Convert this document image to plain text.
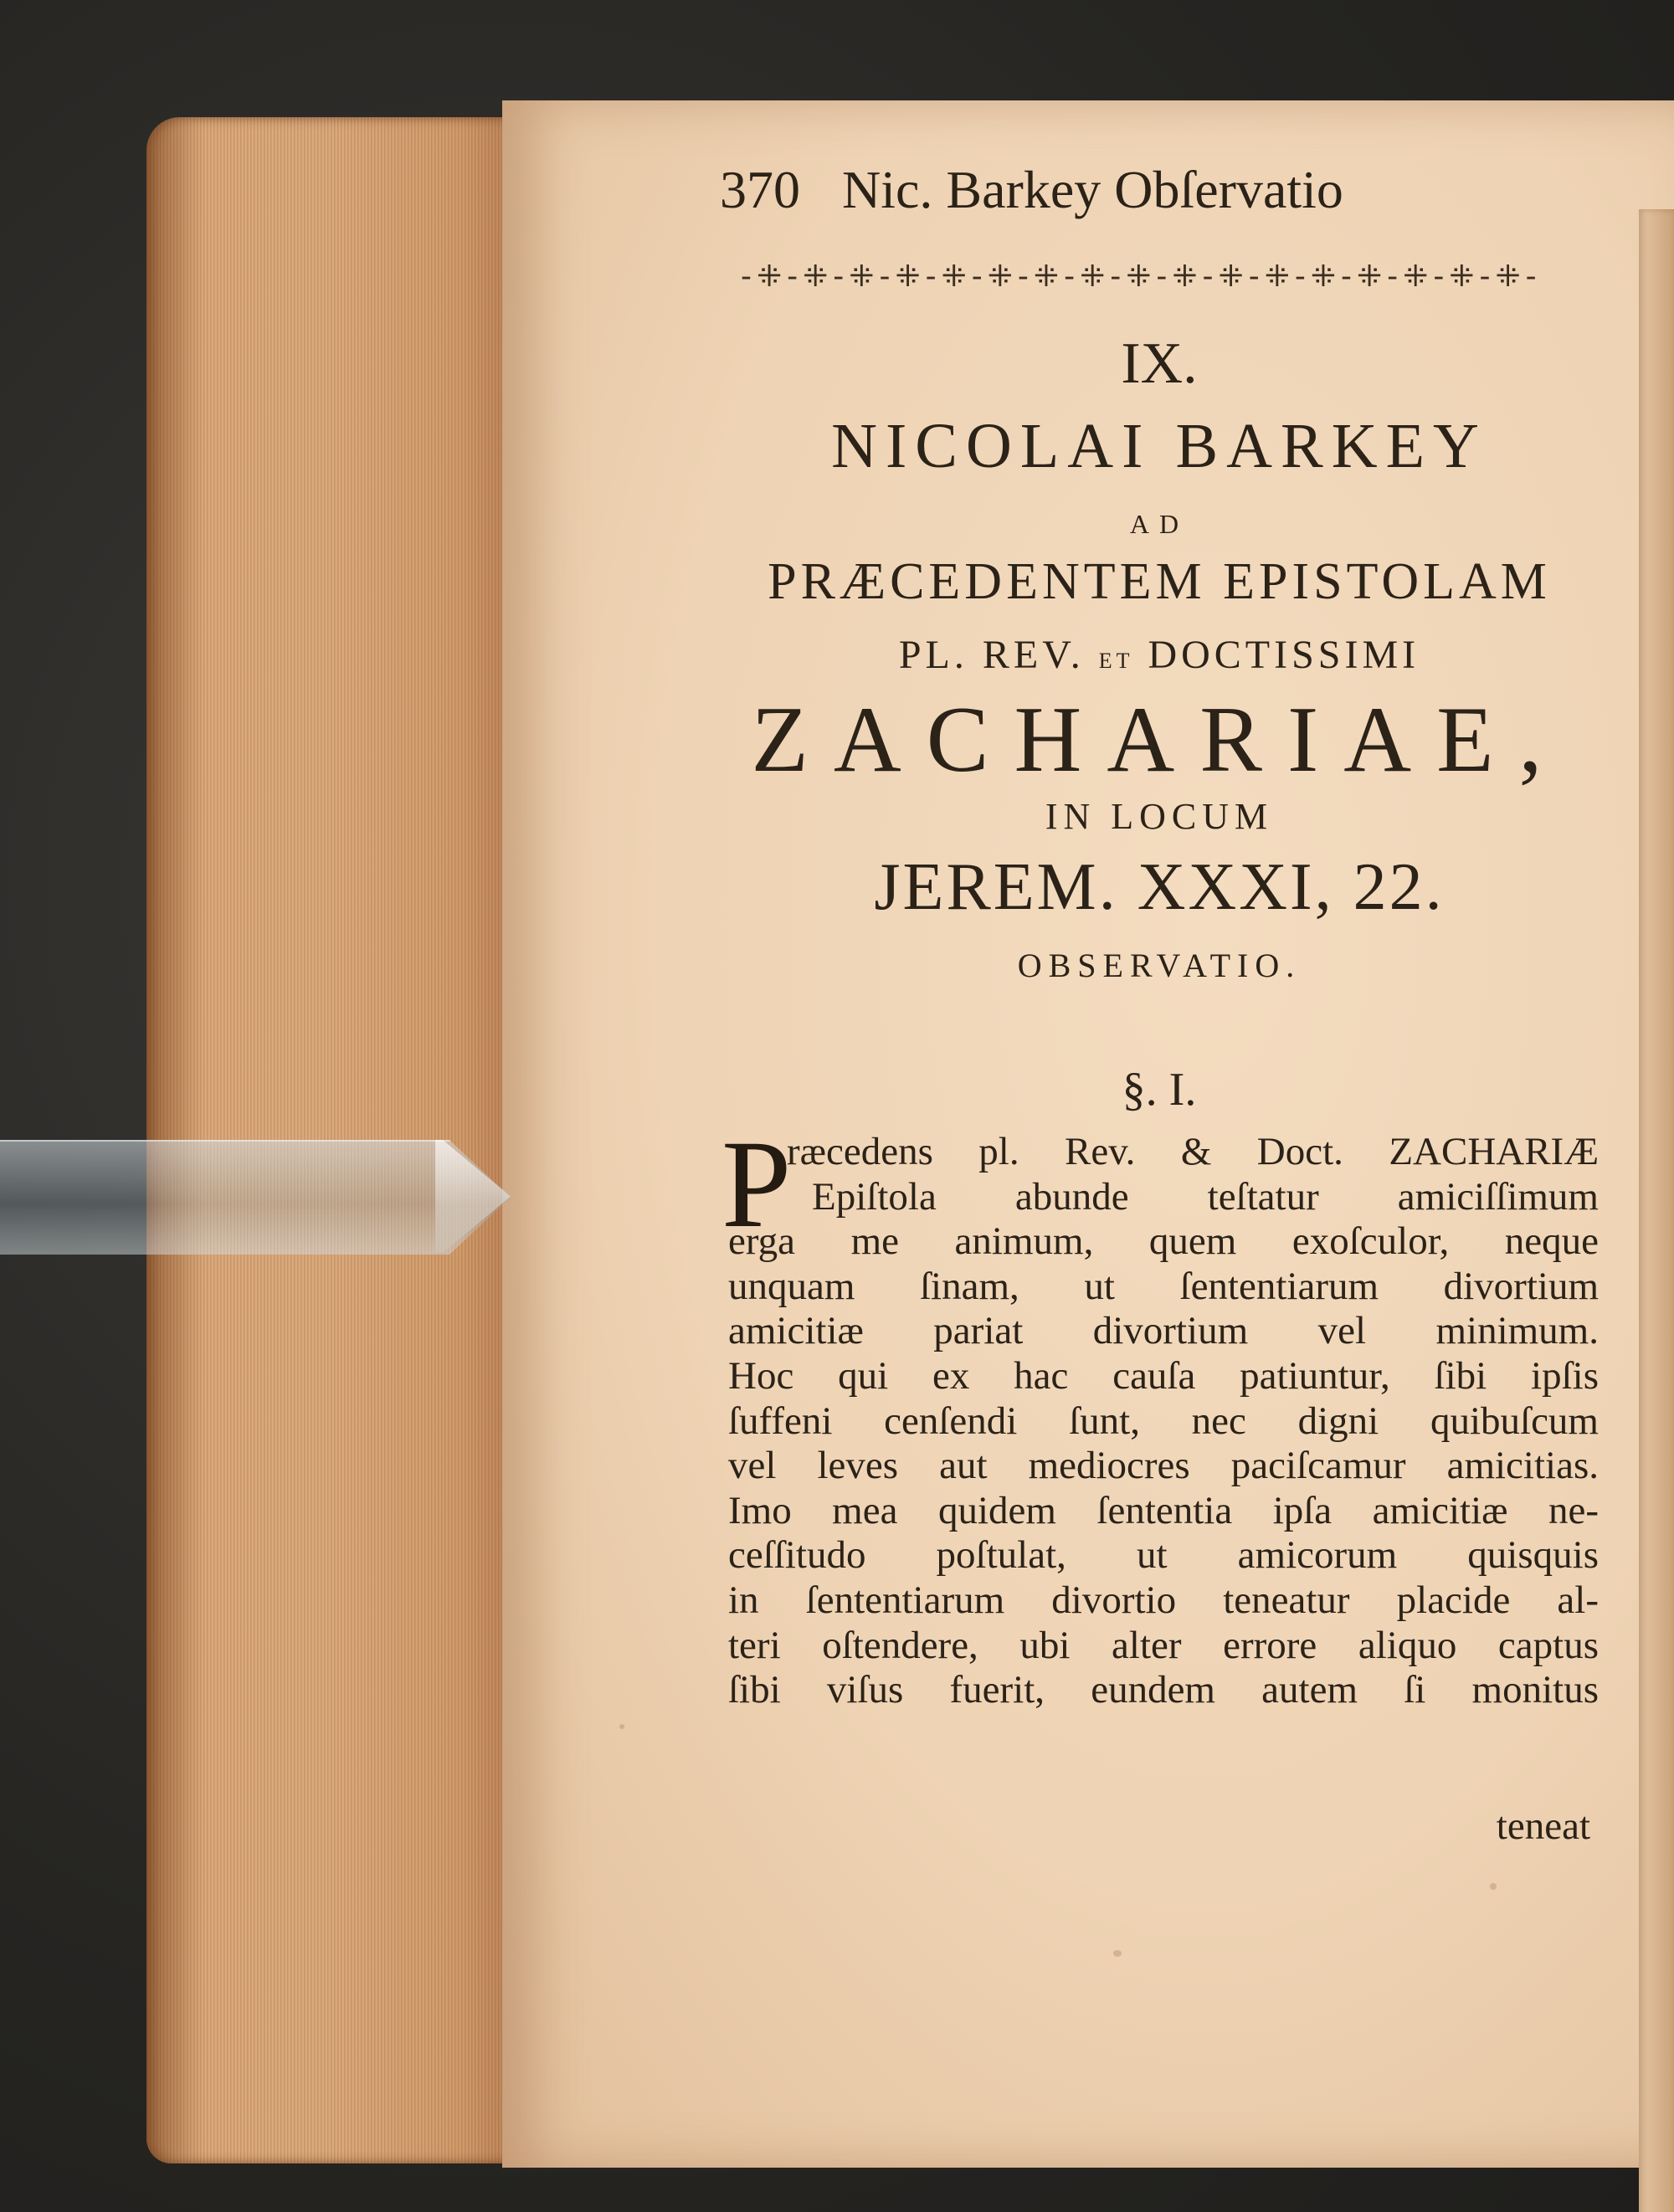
370 Nic. Barkey Obſervatio
-⁜-⁜-⁜-⁜-⁜-⁜-⁜-⁜-⁜-⁜-⁜-⁜-⁜-⁜-⁜-⁜-⁜-
IX.
NICOLAI BARKEY
AD
PRÆCEDENTEM EPISTOLAM
PL. REV. ET DOCTISSIMI
ZACHARIAE,
IN LOCUM
JEREM. XXXI, 22.
OBSERVATIO.
§. I.
P
ræcedens pl. Rev. & Doct. ZACHARIÆ
Epiſtola abunde teſtatur amiciſſimum
erga me animum, quem exoſculor, neque
unquam ſinam, ut ſententiarum divortium
amicitiæ pariat divortium vel minimum.
Hoc qui ex hac cauſa patiuntur, ſibi ipſis
ſuffeni cenſendi ſunt, nec digni quibuſcum
vel leves aut mediocres paciſcamur amicitias.
Imo mea quidem ſententia ipſa amicitiæ ne-
ceſſitudo poſtulat, ut amicorum quisquis
in ſententiarum divortio teneatur placide al-
teri oſtendere, ubi alter errore aliquo captus
ſibi viſus fuerit, eundem autem ſi monitus
teneat
